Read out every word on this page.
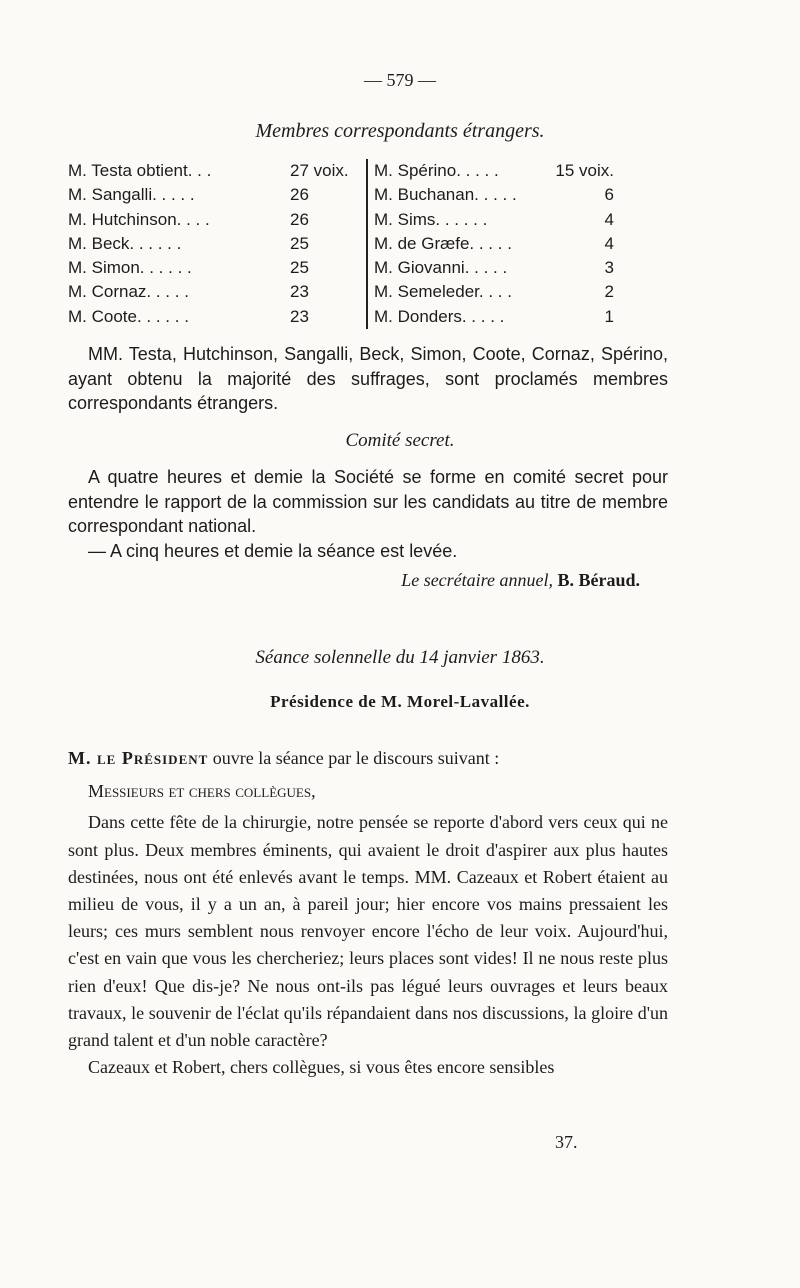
— 579 —
Membres correspondants étrangers.
M. Testa obtient. . .	27 voix.
M. Sangalli. . . . .	26
M. Hutchinson. . . .	26
M. Beck. . . . . .	25
M. Simon. . . . . .	25
M. Cornaz. . . . .	23
M. Coote. . . . . .	23
M. Spérino. . . . .	15 voix.
M. Buchanan. . . . .	6
M. Sims. . . . . .	4
M. de Græfe. . . . .	4
M. Giovanni. . . . .	3
M. Semeleder. . . .	2
M. Donders. . . . .	1

MM. Testa, Hutchinson, Sangalli, Beck, Simon, Coote, Cornaz, Spérino, ayant obtenu la majorité des suffrages, sont proclamés membres correspondants étrangers.

Comité secret.

A quatre heures et demie la Société se forme en comité secret pour entendre le rapport de la commission sur les candidats au titre de membre correspondant national.

— A cinq heures et demie la séance est levée.

Le secrétaire annuel, B. Béraud.
Séance solennelle du 14 janvier 1863.
Présidence de M. Morel-Lavallée.

M. le Président ouvre la séance par le discours suivant :

Messieurs et chers collègues,

Dans cette fête de la chirurgie, notre pensée se reporte d'abord vers ceux qui ne sont plus. Deux membres éminents, qui avaient le droit d'aspirer aux plus hautes destinées, nous ont été enlevés avant le temps. MM. Cazeaux et Robert étaient au milieu de vous, il y a un an, à pareil jour; hier encore vos mains pressaient les leurs; ces murs semblent nous renvoyer encore l'écho de leur voix. Aujourd'hui, c'est en vain que vous les chercheriez; leurs places sont vides! Il ne nous reste plus rien d'eux! Que dis-je? Ne nous ont-ils pas légué leurs ouvrages et leurs beaux travaux, le souvenir de l'éclat qu'ils répandaient dans nos discussions, la gloire d'un grand talent et d'un noble caractère?

Cazeaux et Robert, chers collègues, si vous êtes encore sensibles

37.
